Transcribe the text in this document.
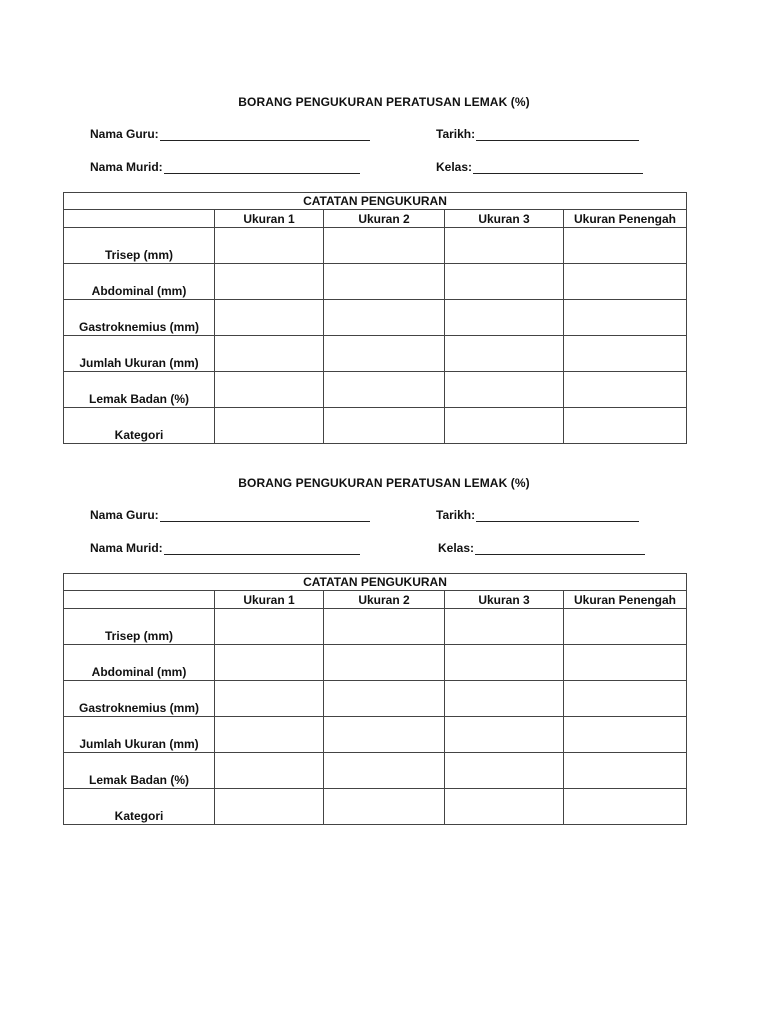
BORANG PENGUKURAN PERATUSAN LEMAK (%)
Nama Guru:	Tarikh:
Nama Murid:	Kelas:
CATATAN PENGUKURAN				
	Ukuran 1	Ukuran 2	Ukuran 3	Ukuran Penengah
Trisep (mm)				
Abdominal (mm)				
Gastroknemius (mm)				
Jumlah Ukuran (mm)				
Lemak Badan (%)				
Kategori				
BORANG PENGUKURAN PERATUSAN LEMAK (%)
Nama Guru:	Tarikh:
Nama Murid:	Kelas:
CATATAN PENGUKURAN				
	Ukuran 1	Ukuran 2	Ukuran 3	Ukuran Penengah
Trisep (mm)				
Abdominal (mm)				
Gastroknemius (mm)				
Jumlah Ukuran (mm)				
Lemak Badan (%)				
Kategori				
